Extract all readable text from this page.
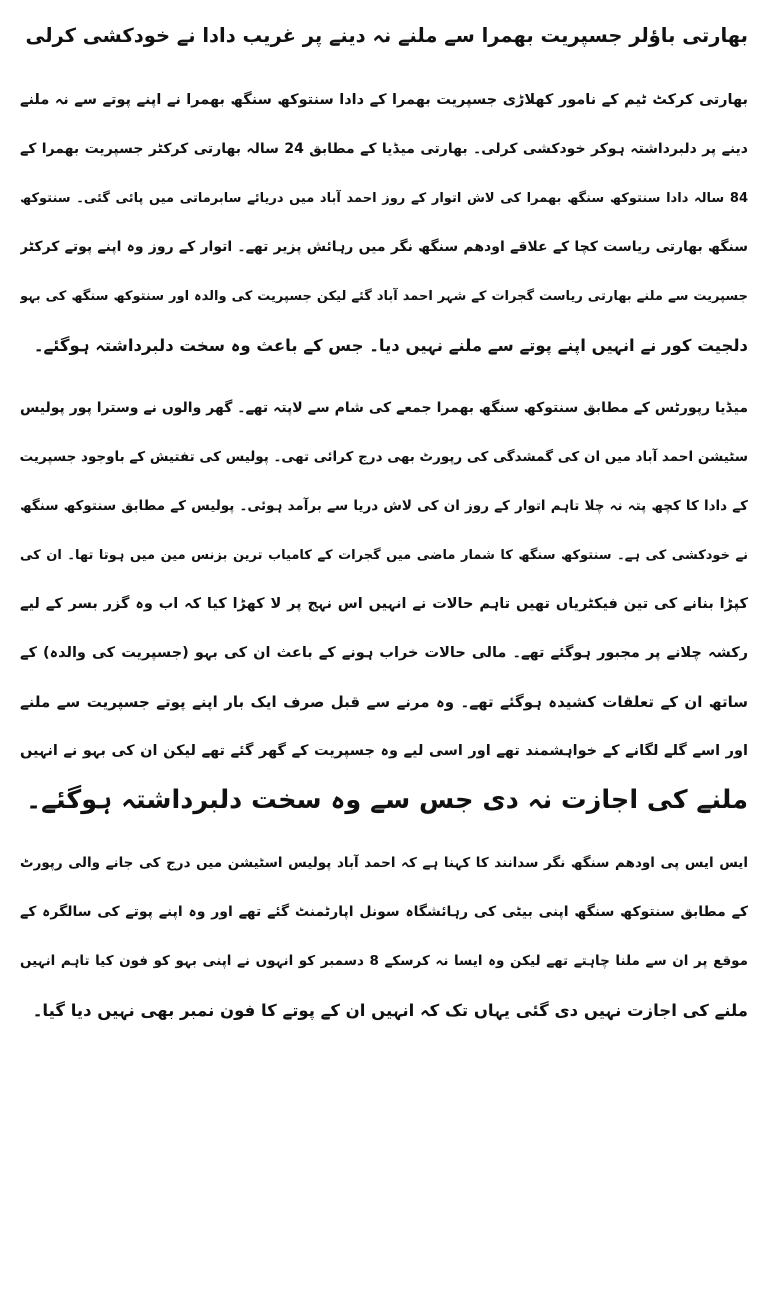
بھارتی باؤلر جسپریت بھمرا سے ملنے نہ دینے پر غریب دادا نے خودکشی کرلی
بھارتی کرکٹ ٹیم کے نامور کھلاڑی جسپریت بھمرا کے دادا سنتوکھ سنگھ بھمرا نے اپنے پوتے سے نہ ملنے
دینے پر دلبرداشتہ ہوکر خودکشی کرلی۔ بھارتی میڈیا کے مطابق 24 سالہ بھارتی کرکٹر جسپریت بھمرا کے
84 سالہ دادا سنتوکھ سنگھ بھمرا کی لاش اتوار کے روز احمد آباد میں دریائے سابرماتی میں پائی گئی۔ سنتوکھ
سنگھ بھارتی ریاست کچا کے علاقے اودھم سنگھ نگر میں رہائش پزیر تھے۔ اتوار کے روز وہ اپنے پوتے کرکٹر
جسپریت سے ملنے بھارتی ریاست گجرات کے شہر احمد آباد گئے لیکن جسپریت کی والدہ اور سنتوکھ سنگھ کی بہو
دلجیت کور نے انہیں اپنے پوتے سے ملنے نہیں دیا۔ جس کے باعث وہ سخت دلبرداشتہ ہوگئے۔
میڈیا رپورٹس کے مطابق سنتوکھ سنگھ بھمرا جمعے کی شام سے لاپتہ تھے۔ گھر والوں نے وسترا پور پولیس
سٹیشن احمد آباد میں ان کی گمشدگی کی رپورٹ بھی درج کرائی تھی۔ پولیس کی تفتیش کے باوجود جسپریت
کے دادا کا کچھ پتہ نہ چلا تاہم اتوار کے روز ان کی لاش دریا سے برآمد ہوئی۔ پولیس کے مطابق سنتوکھ سنگھ
نے خودکشی کی ہے۔ سنتوکھ سنگھ کا شمار ماضی میں گجرات کے کامیاب ترین بزنس مین میں ہوتا تھا۔ ان کی
کپڑا بنانے کی تین فیکٹریاں تھیں تاہم حالات نے انہیں اس نہج پر لا کھڑا کیا کہ اب وہ گزر بسر کے لیے
رکشہ چلانے پر مجبور ہوگئے تھے۔ مالی حالات خراب ہونے کے باعث ان کی بہو (جسپریت کی والدہ) کے
ساتھ ان کے تعلقات کشیدہ ہوگئے تھے۔ وہ مرنے سے قبل صرف ایک بار اپنے پوتے جسپریت سے ملنے
اور اسے گلے لگانے کے خواہشمند تھے اور اسی لیے وہ جسپریت کے گھر گئے تھے لیکن ان کی بہو نے انہیں
ملنے کی اجازت نہ دی جس سے وہ سخت دلبرداشتہ ہوگئے۔
ایس ایس پی اودھم سنگھ نگر سدانند کا کہنا ہے کہ احمد آباد پولیس اسٹیشن میں درج کی جانے والی رپورٹ
کے مطابق سنتوکھ سنگھ اپنی بیٹی کی رہائشگاہ سونل اپارٹمنٹ گئے تھے اور وہ اپنے پوتے کی سالگرہ کے
موقع پر ان سے ملنا چاہتے تھے لیکن وہ ایسا نہ کرسکے 8 دسمبر کو انہوں نے اپنی بہو کو فون کیا تاہم انہیں
ملنے کی اجازت نہیں دی گئی یہاں تک کہ انہیں ان کے پوتے کا فون نمبر بھی نہیں دیا گیا۔
